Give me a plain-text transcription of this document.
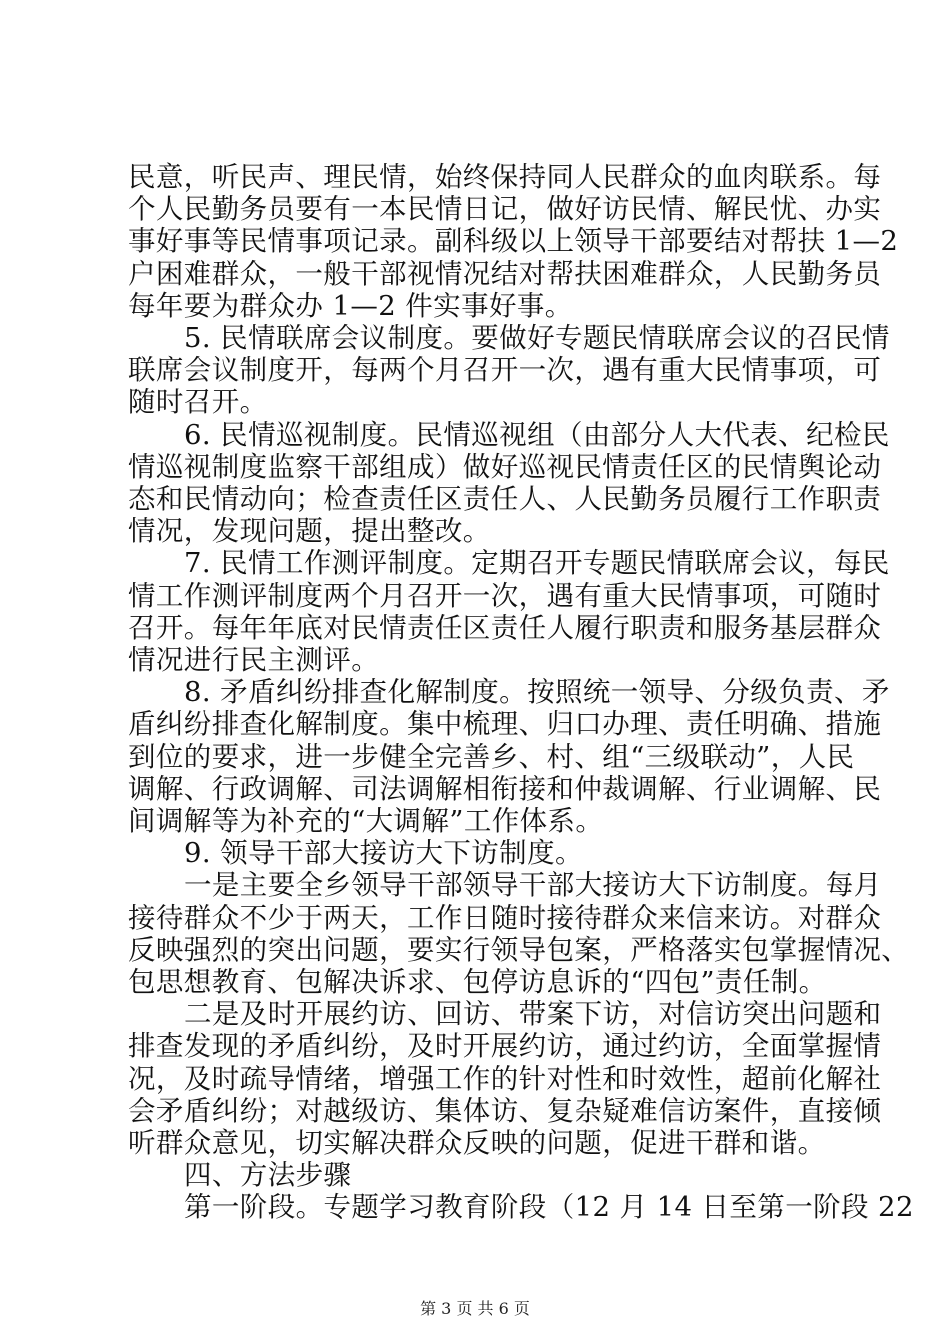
民意，听民声、理民情，始终保持同人民群众的血肉联系。每
个人民勤务员要有一本民情日记，做好访民情、解民忧、办实
事好事等民情事项记录。副科级以上领导干部要结对帮扶 1—2
户困难群众，一般干部视情况结对帮扶困难群众，人民勤务员
每年要为群众办 1—2 件实事好事。
5. 民情联席会议制度。要做好专题民情联席会议的召民情
联席会议制度开，每两个月召开一次，遇有重大民情事项，可
随时召开。
6. 民情巡视制度。民情巡视组（由部分人大代表、纪检民
情巡视制度监察干部组成）做好巡视民情责任区的民情舆论动
态和民情动向；检查责任区责任人、人民勤务员履行工作职责
情况，发现问题，提出整改。
7. 民情工作测评制度。定期召开专题民情联席会议，每民
情工作测评制度两个月召开一次，遇有重大民情事项，可随时
召开。每年年底对民情责任区责任人履行职责和服务基层群众
情况进行民主测评。
8. 矛盾纠纷排查化解制度。按照统一领导、分级负责、矛
盾纠纷排查化解制度。集中梳理、归口办理、责任明确、措施
到位的要求，进一步健全完善乡、村、组“三级联动”，人民
调解、行政调解、司法调解相衔接和仲裁调解、行业调解、民
间调解等为补充的“大调解”工作体系。
9. 领导干部大接访大下访制度。
一是主要全乡领导干部领导干部大接访大下访制度。每月
接待群众不少于两天，工作日随时接待群众来信来访。对群众
反映强烈的突出问题，要实行领导包案，严格落实包掌握情况、
包思想教育、包解决诉求、包停访息诉的“四包”责任制。
二是及时开展约访、回访、带案下访，对信访突出问题和
排查发现的矛盾纠纷，及时开展约访，通过约访，全面掌握情
况，及时疏导情绪，增强工作的针对性和时效性，超前化解社
会矛盾纠纷；对越级访、集体访、复杂疑难信访案件，直接倾
听群众意见，切实解决群众反映的问题，促进干群和谐。
四、方法步骤
第一阶段。专题学习教育阶段（12 月 14 日至第一阶段 22
第 3 页 共 6 页
